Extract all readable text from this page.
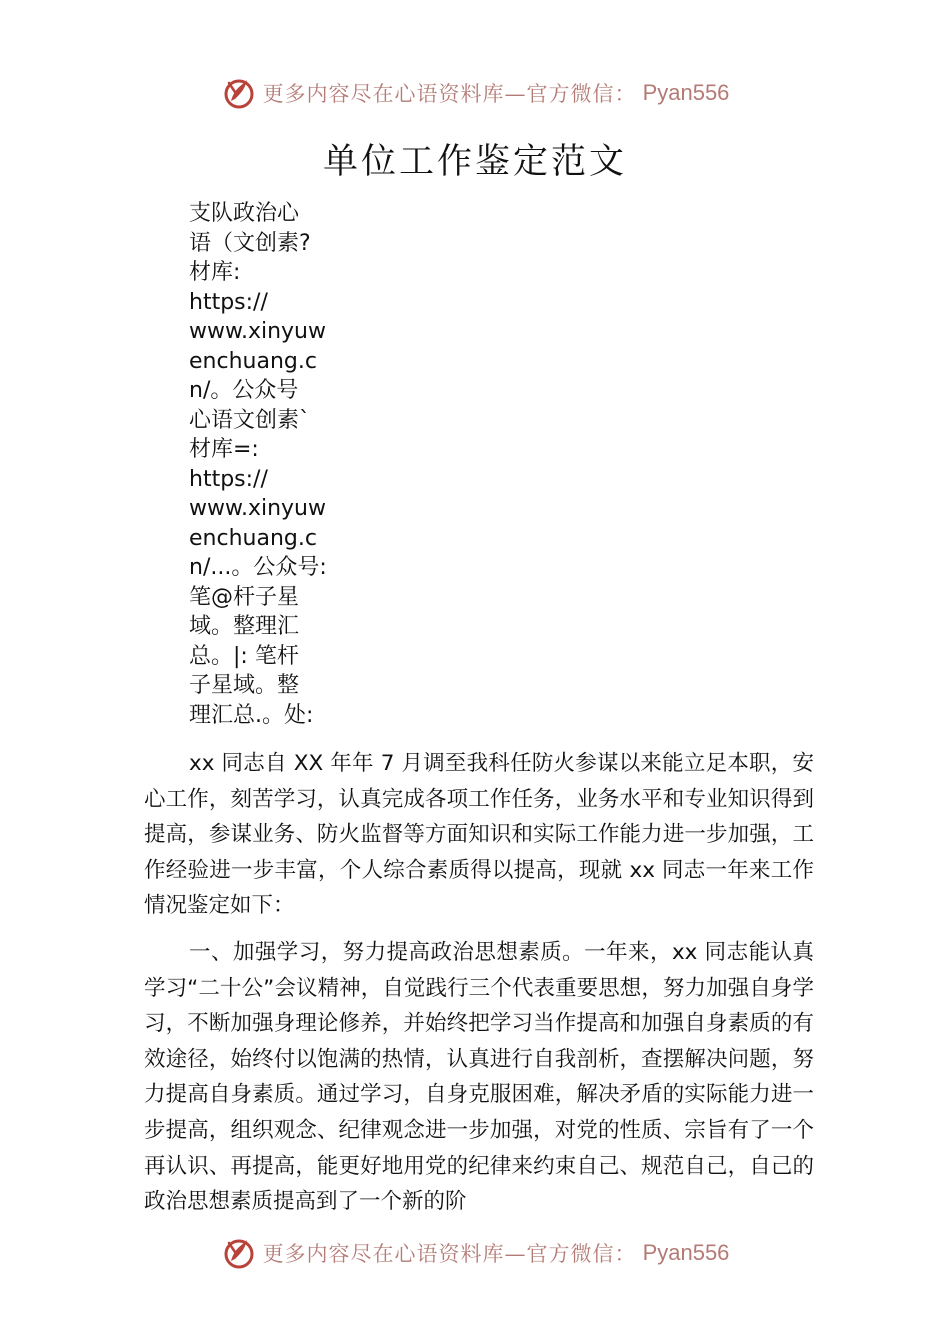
更多内容尽在心语资料库—官方微信： Pyan556
单位工作鉴定范文
支队政治心
语（文创素?
材库:
https://
www.xinyuw
enchuang.c
n/。公众号
心语文创素`
材库=:
https://
www.xinyuw
enchuang.c
n/...。公众号:
笔@杆子星
域。整理汇
总。|: 笔杆
子星域。整
理汇总.。处:

xx 同志自 XX 年年 7 月调至我科任防火参谋以来能立足本职，安心工作，刻苦学习，认真完成各项工作任务，业务水平和专业知识得到提高，参谋业务、防火监督等方面知识和实际工作能力进一步加强，工作经验进一步丰富，个人综合素质得以提高，现就 xx 同志一年来工作情况鉴定如下：

一、加强学习，努力提高政治思想素质。一年来，xx 同志能认真学习“二十公”会议精神，自觉践行三个代表重要思想，努力加强自身学习，不断加强身理论修养，并始终把学习当作提高和加强自身素质的有效途径，始终付以饱满的热情，认真进行自我剖析，查摆解决问题，努力提高自身素质。通过学习，自身克服困难，解决矛盾的实际能力进一步提高，组织观念、纪律观念进一步加强，对党的性质、宗旨有了一个再认识、再提高，能更好地用党的纪律来约束自己、规范自己，自己的政治思想素质提高到了一个新的阶

更多内容尽在心语资料库—官方微信： Pyan556
